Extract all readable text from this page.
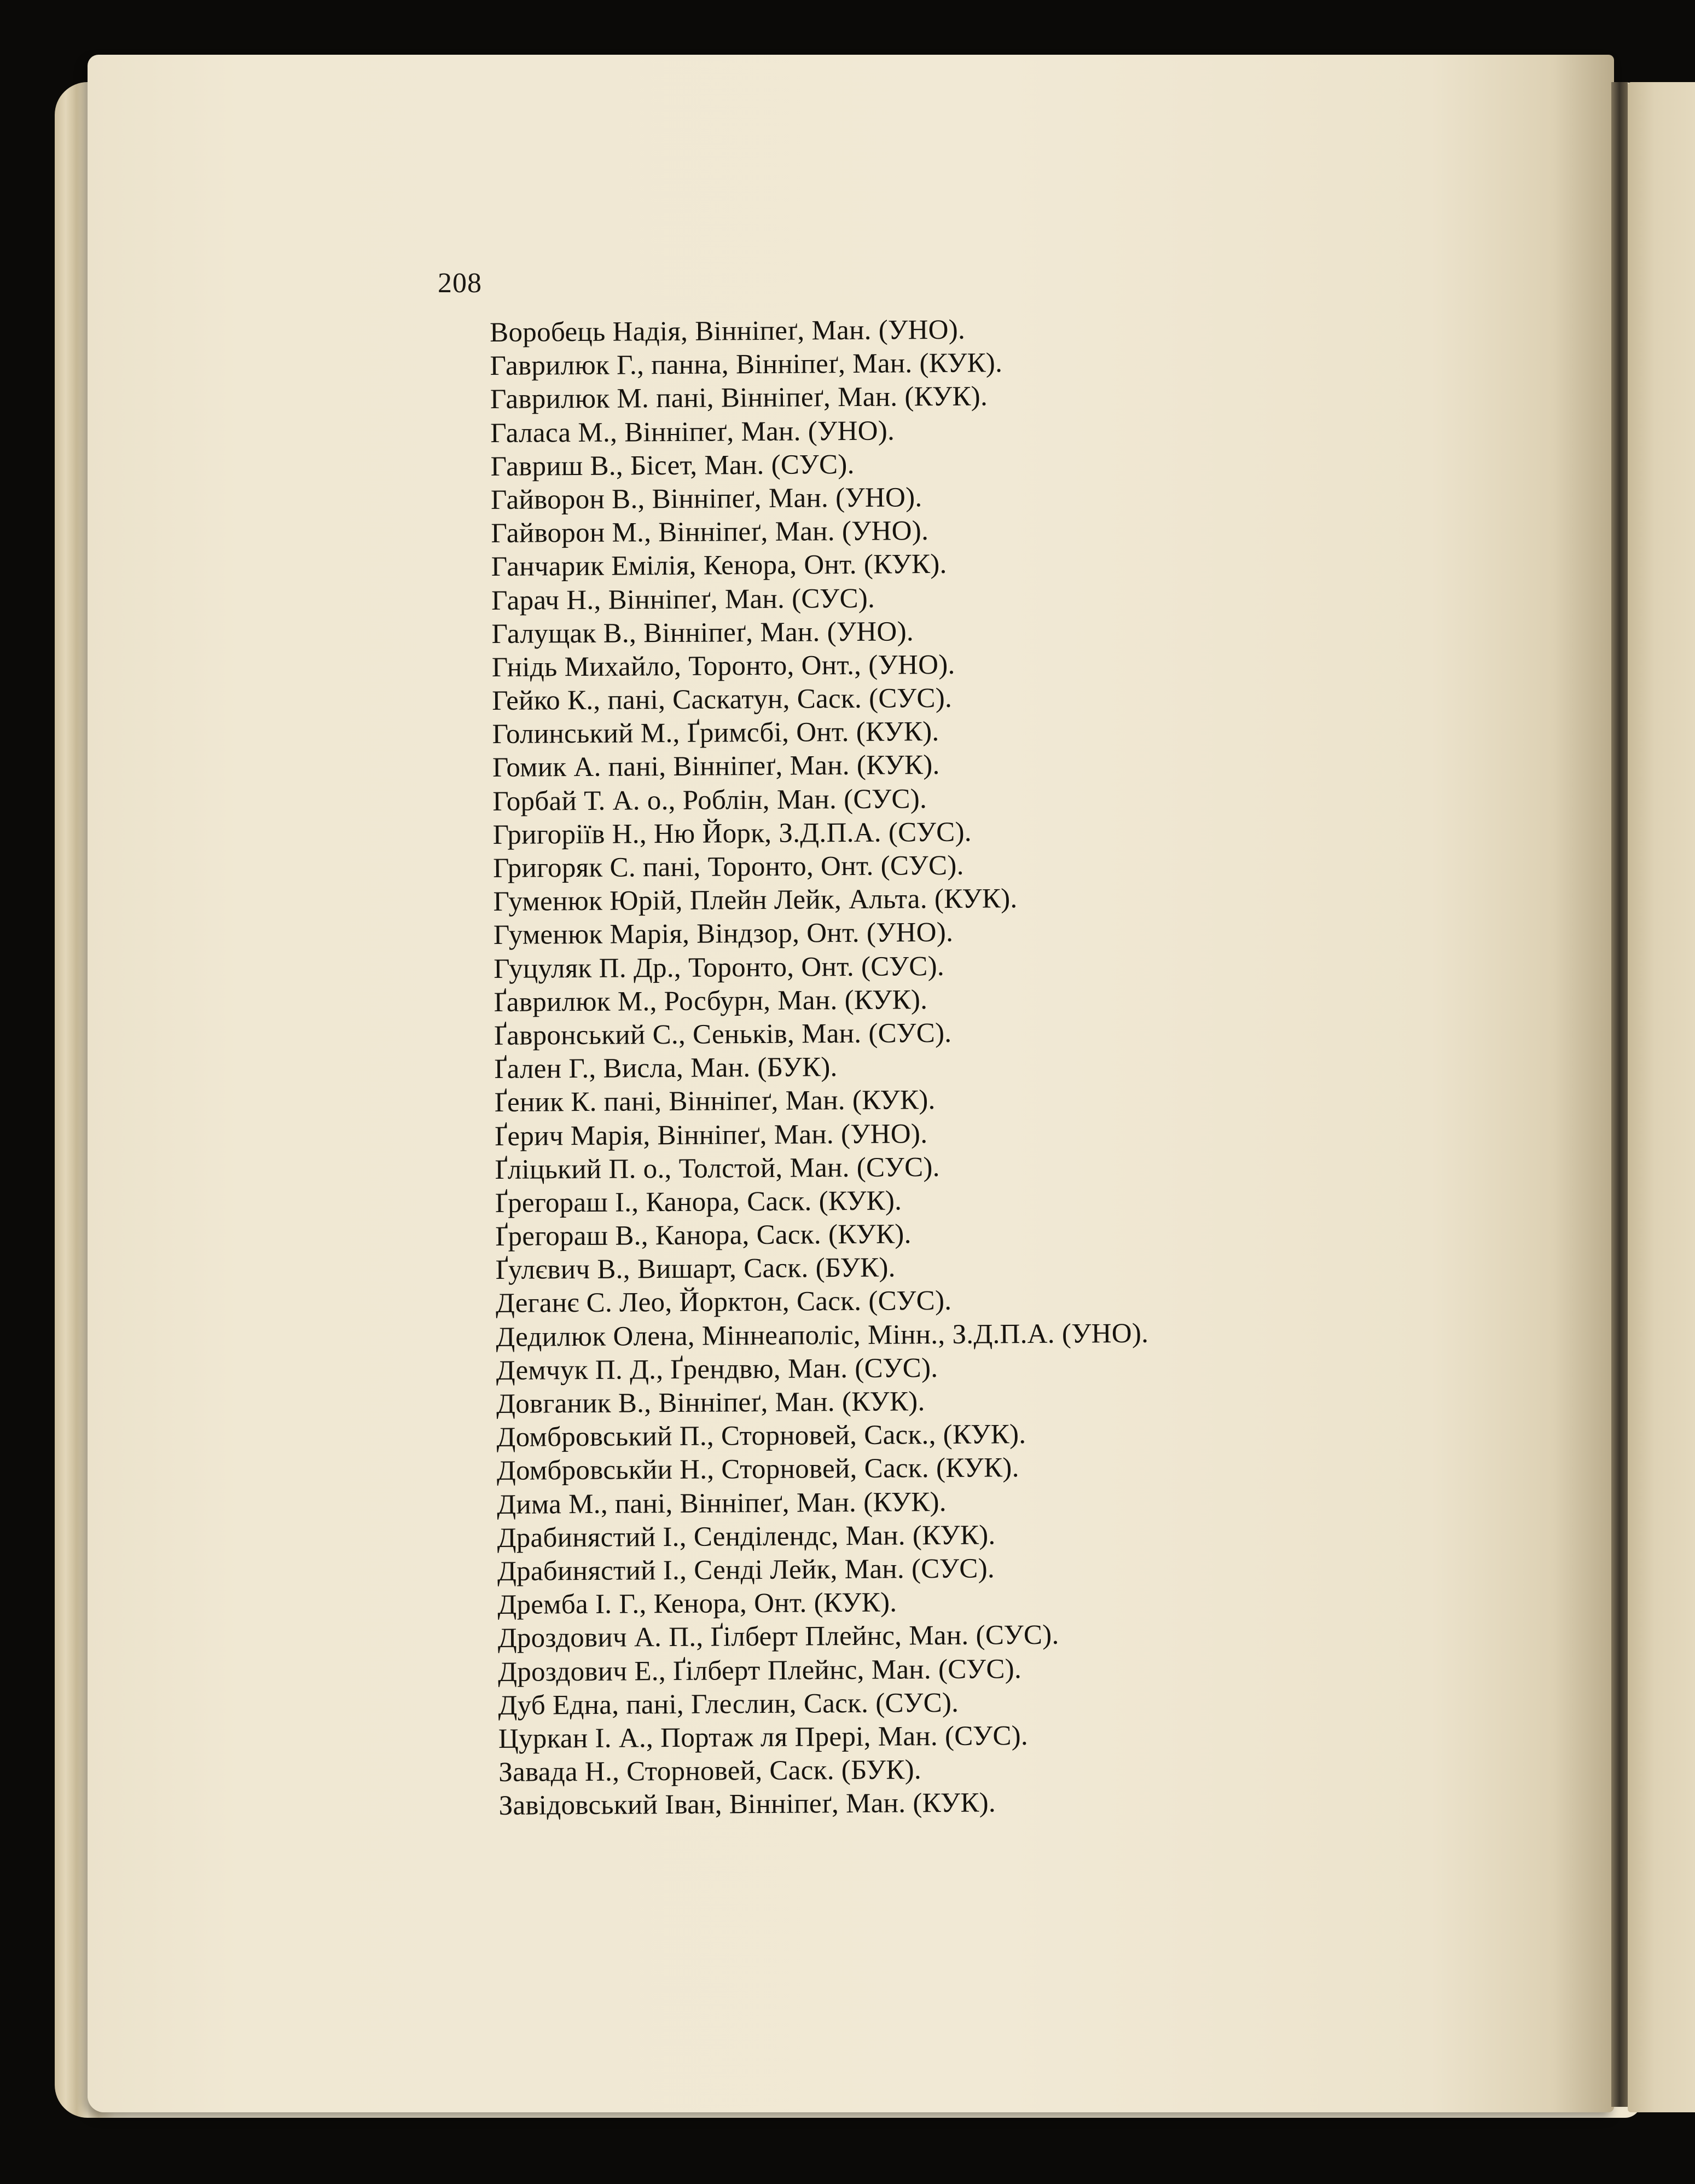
208
Воробець Надія, Вінніпеґ, Ман. (УНО).
Гаврилюк Г., панна, Вінніпеґ, Ман. (КУК).
Гаврилюк М. пані, Вінніпеґ, Ман. (КУК).
Галаса М., Вінніпеґ, Ман. (УНО).
Гавриш В., Бісет, Ман. (СУС).
Гайворон В., Вінніпеґ, Ман. (УНО).
Гайворон М., Вінніпеґ, Ман. (УНО).
Ганчарик Емілія, Кенора, Онт. (КУК).
Гарач Н., Вінніпеґ, Ман. (СУС).
Галущак В., Вінніпеґ, Ман. (УНО).
Гнідь Михайло, Торонто, Онт., (УНО).
Гейко К., пані, Саскатун, Саск. (СУС).
Голинський М., Ґримсбі, Онт. (КУК).
Гомик А. пані, Вінніпеґ, Ман. (КУК).
Горбай Т. А. о., Роблін, Ман. (СУС).
Григоріїв Н., Ню Йорк, З.Д.П.А. (СУС).
Григоряк С. пані, Торонто, Онт. (СУС).
Гуменюк Юрій, Плейн Лейк, Альта. (КУК).
Гуменюк Марія, Віндзор, Онт. (УНО).
Гуцуляк П. Др., Торонто, Онт. (СУС).
Ґаврилюк М., Росбурн, Ман. (КУК).
Ґавронський С., Сеньків, Ман. (СУС).
Ґален Г., Висла, Ман. (БУК).
Ґеник К. пані, Вінніпеґ, Ман. (КУК).
Ґерич Марія, Вінніпеґ, Ман. (УНО).
Ґліцький П. о., Толстой, Ман. (СУС).
Ґрегораш І., Канора, Саск. (КУК).
Ґрегораш В., Канора, Саск. (КУК).
Ґулєвич В., Вишарт, Саск. (БУК).
Деганє С. Лео, Йорктон, Саск. (СУС).
Дедилюк Олена, Міннеаполіс, Мінн., З.Д.П.А. (УНО).
Демчук П. Д., Ґрендвю, Ман. (СУС).
Довганик В., Вінніпеґ, Ман. (КУК).
Домбровський П., Сторновей, Саск., (КУК).
Домбровськйи Н., Сторновей, Саск. (КУК).
Дима М., пані, Вінніпеґ, Ман. (КУК).
Драбинястий І., Сенділендс, Ман. (КУК).
Драбинястий І., Сенді Лейк, Ман. (СУС).
Дремба І. Г., Кенора, Онт. (КУК).
Дроздович А. П., Ґілберт Плейнс, Ман. (СУС).
Дроздович Е., Ґілберт Плейнс, Ман. (СУС).
Дуб Една, пані, Глеслин, Саск. (СУС).
Цуркан І. А., Портаж ля Прері, Ман. (СУС).
Завада Н., Сторновей, Саск. (БУК).
Завідовський Іван, Вінніпеґ, Ман. (КУК).
